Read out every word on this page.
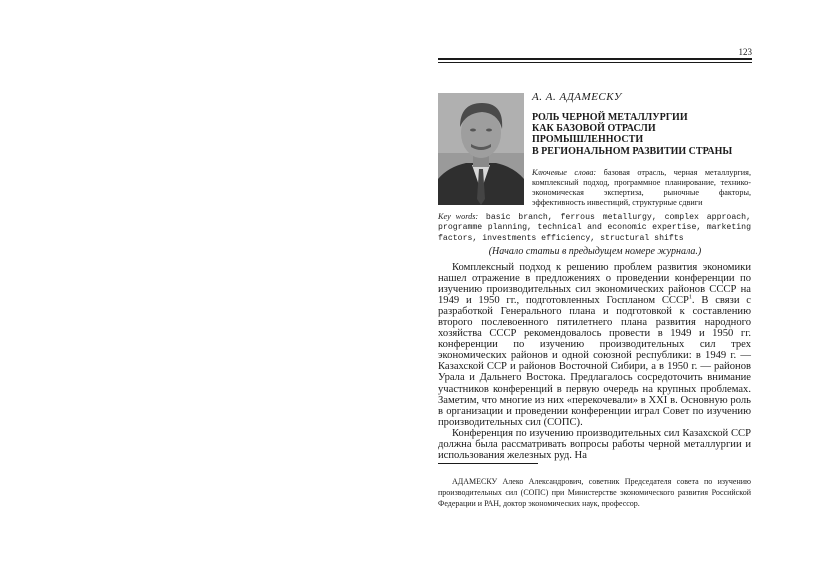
123
А. А. АДАМЕСКУ
РОЛЬ ЧЕРНОЙ МЕТАЛЛУРГИИ
КАК БАЗОВОЙ ОТРАСЛИ
ПРОМЫШЛЕННОСТИ
В РЕГИОНАЛЬНОМ РАЗВИТИИ СТРАНЫ
Ключевые слова: базовая отрасль, черная металлургия, комплексный подход, программное планирование, технико-экономическая экспертиза, рыночные факторы, эффективность инвестиций, структурные сдвиги
Key words: basic branch, ferrous metallurgy, complex approach, programme planning, technical and economic expertise, marketing factors, investments efficiency, structural shifts
(Начало статьи в предыдущем номере журнала.)

Комплексный подход к решению проблем развития экономики нашел отражение в предложениях о проведении конференции по изучению производительных сил экономических районов СССР на 1949 и 1950 гг., подготовленных Госпланом СССР$^1$. В связи с разработкой Генерального плана и подготовкой к составлению второго послевоенного пятилетнего плана развития народного хозяйства СССР рекомендовалось провести в 1949 и 1950 гг. конференции по изучению производительных сил трех экономических районов и одной союзной республики: в 1949 г. — Казахской ССР и районов Восточной Сибири, а в 1950 г. — районов Урала и Дальнего Востока. Предлагалось сосредоточить внимание участников конференций в первую очередь на крупных проблемах. Заметим, что многие из них «перекочевали» в XXI в. Основную роль в организации и проведении конференции играл Совет по изучению производительных сил (СОПС).

Конференция по изучению производительных сил Казахской ССР должна была рассматривать вопросы работы черной металлургии и использования железных руд. На

АДАМЕСКУ Алеко Александрович, советник Председателя совета по изучению производительных сил (СОПС) при Министерстве экономического развития Российской Федерации и РАН, доктор экономических наук, профессор.
